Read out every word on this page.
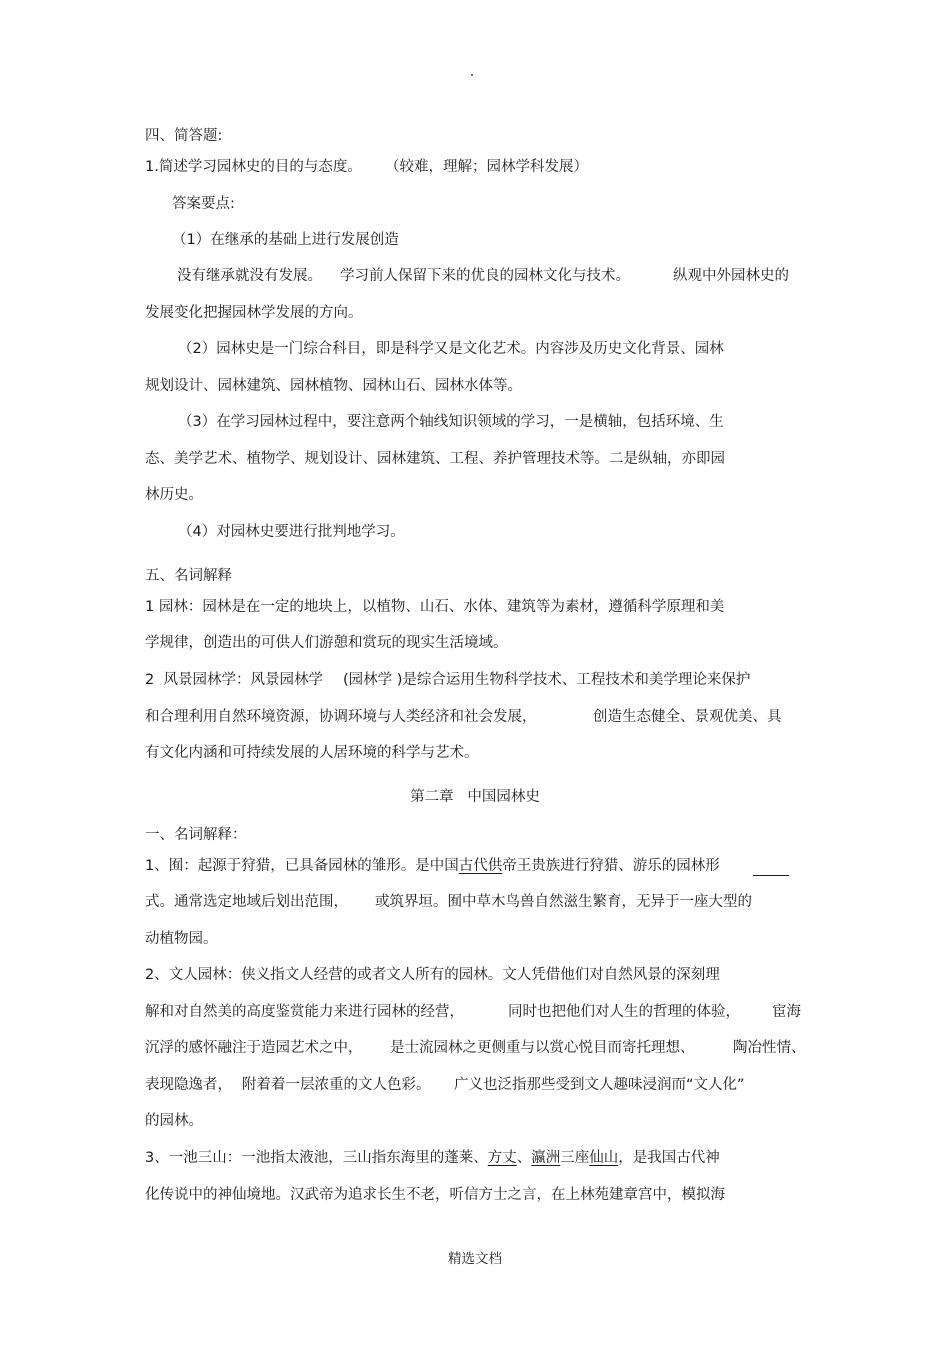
四、简答题:
1.简述学习园林史的目的与态度。 （较难，理解；园林学科发展）
答案要点:
（1）在继承的基础上进行发展创造
没有继承就没有发展。 学习前人保留下来的优良的园林文化与技术。	纵观中外园林史的
发展变化把握园林学发展的方向。
（2）园林史是一门综合科目，即是科学又是文化艺术。内容涉及历史文化背景、园林
规划设计、园林建筑、园林植物、园林山石、园林水体等。
（3）在学习园林过程中，要注意两个轴线知识领域的学习，一是横轴，包括环境、生
态、美学艺术、植物学、规划设计、园林建筑、工程、养护管理技术等。二是纵轴，亦即园
林历史。
（4）对园林史要进行批判地学习。
五、名词解释
1 园林：园林是在一定的地块上，以植物、山石、水体、建筑等为素材，遵循科学原理和美
学规律，创造出的可供人们游憩和赏玩的现实生活境域。
2  风景园林学：风景园林学 (园林学 )是综合运用生物科学技术、工程技术和美学理论来保护
和合理利用自然环境资源，协调环境与人类经济和社会发展，	创造生态健全、景观优美、具
有文化内涵和可持续发展的人居环境的科学与艺术。
第二章   中国园林史
一、名词解释：
1、囿：起源于狩猎，已具备园林的雏形。是中国古代供帝王贵族进行狩猎、游乐的园林形
式。通常选定地域后划出范围， 或筑界垣。囿中草木鸟兽自然滋生繁育，无异于一座大型的
动植物园。
2、文人园林：侠义指文人经营的或者文人所有的园林。文人凭借他们对自然风景的深刻理
解和对自然美的高度鉴赏能力来进行园林的经营，	同时也把他们对人生的哲理的体验， 宦海
沉浮的感怀融注于造园艺术之中， 是士流园林之更侧重与以赏心悦目而寄托理想、	陶冶性情、
表现隐逸者， 附着着一层浓重的文人色彩。 广义也泛指那些受到文人趣味浸润而“文人化”
的园林。
3、一池三山：一池指太液池，三山指东海里的蓬莱、方丈、瀛洲三座仙山，是我国古代神
化传说中的神仙境地。汉武帝为追求长生不老，听信方士之言，在上林苑建章宫中，模拟海
精选文档
